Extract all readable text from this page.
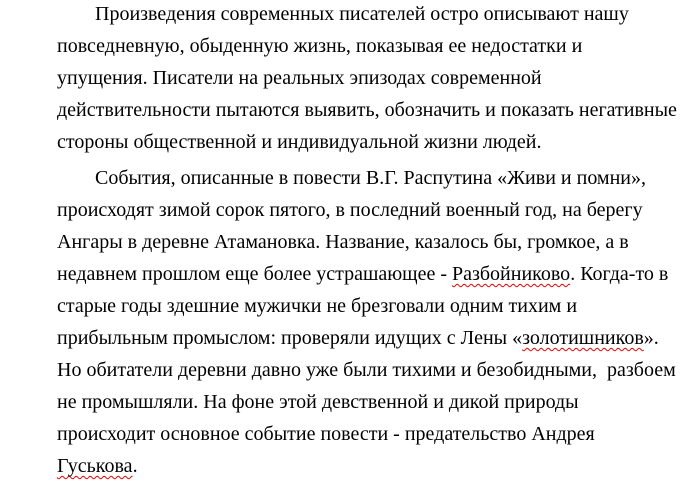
Произведения современных писателей остро описывают нашу повседневную, обыденную жизнь, показывая ее недостатки и упущения. Писатели на реальных эпизодах современной действительности пытаются выявить, обозначить и показать негативные стороны общественной и индивидуальной жизни людей.

События, описанные в повести В.Г. Распутина «Живи и помни», происходят зимой сорок пятого, в последний военный год, на берегу Ангары в деревне Атамановка. Название, казалось бы, громкое, а в недавнем прошлом еще более устрашающее - Разбойниково. Когда-то в старые годы здешние мужички не брезговали одним тихим и прибыльным промыслом: проверяли идущих с Лены «золотишников». Но обитатели деревни давно уже были тихими и безобидными,  разбоем не промышляли. На фоне этой девственной и дикой природы происходит основное событие повести - предательство Андрея Гуськова.
